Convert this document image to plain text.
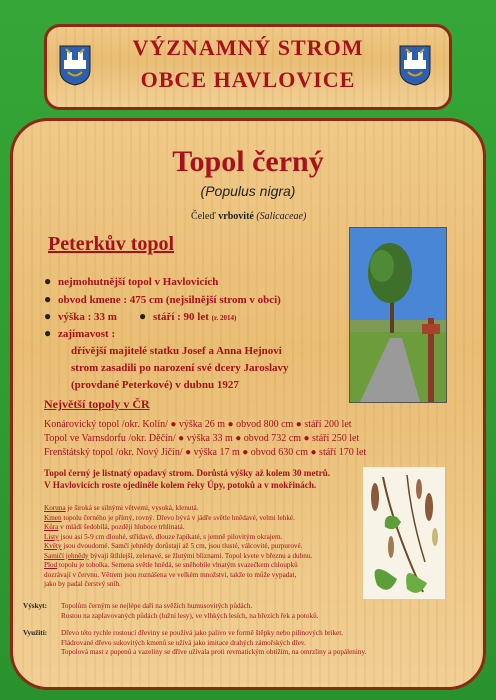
VÝZNAMNÝ STROM
OBCE HAVLOVICE
Topol černý
(Populus nigra)
Čeleď vrbovité (Salicaceae)
Peterkův topol
● nejmohutnější topol v Havlovicích
● obvod kmene : 475 cm (nejsilnější strom v obci)
● výška : 33 m ● stáří : 90 let (r. 2014)
● zajímavost :
dřívější majitelé statku Josef a Anna Hejnovi
strom zasadili po narození své dcery Jaroslavy
(provdané Peterkové) v dubnu 1927
Největší topoly v ČR
Konárovický topol /okr. Kolín/ ● výška 26 m ● obvod 800 cm ● stáří 200 let
Topol ve Varnsdorfu /okr. Děčín/ ● výška 33 m ● obvod 732 cm ● stáří 250 let
Frenštátský topol /okr. Nový Jičín/ ● výška 17 m ● obvod 630 cm ● stáří 170 let
Topol černý je listnatý opadavý strom. Dorůstá výšky až kolem 30 metrů.
V Havlovicích roste ojediněle kolem řeky Úpy, potoků a v mokřinách.
Koruna je široká se silnými větvemi, vysoká, klenutá.
Kmen topolu černého je přímý, rovný. Dřevo bývá v jádře světle hnědavé, velmi lehké.
Kůra v mládí šedobílá, později hluboce trhlinatá.
Listy jsou asi 5-9 cm dlouhé, střídavé, dlouze řapíkaté, s jemně pilovitým okrajem.
Květy jsou dvoudomé. Samčí jehnědy dorůstají až 5 cm, jsou tlusté, válcovité, purpurové.
Samičí jehnědy bývají štíhlejší, zelenavé, se žlutými bliznami. Topol kvete v březnu a dubnu.
Plod topolu je tobolka. Semena světle hnědá, se sněhobíle vlnatým svazečkem chloupků
dozrávají v červnu. Větrem jsou roznášena ve velkém množství, takže to může vypadat,
jako by padal čerstvý sníh.
Výskyt: Topolům černým se nejlépe daří na svěžích humusovitých půdách.
Rostou na zaplavovaných půdách (lužní lesy), ve vlhkých lesích, na březích řek a potoků.
Využití: Dřevo této rychle rostoucí dřeviny se používá jako palivo ve formě štěpky nebo pilinových briket.
Fládrované dřevo sukovitých kmenů se užívá jako imitace drahých zámořských dřev.
Topolová mast z pupenů a vazelíny se dříve užívala proti revmatickým obtížím, na omrzliny a popáleniny.
